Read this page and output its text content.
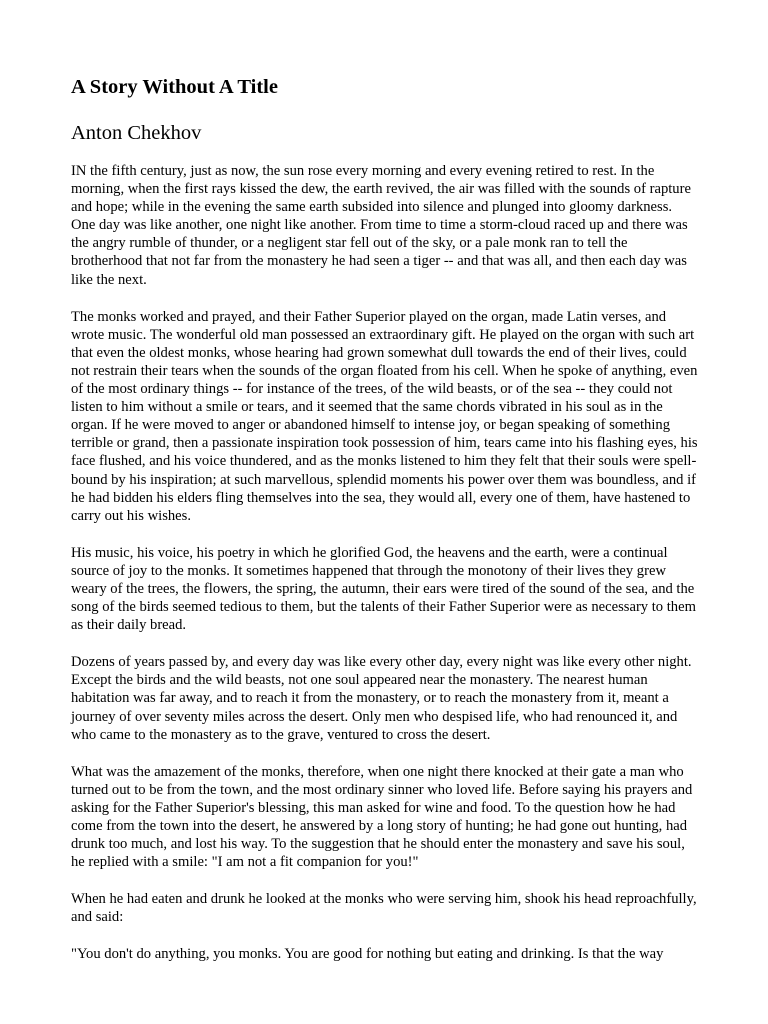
A Story Without A Title
Anton Chekhov

IN the fifth century, just as now, the sun rose every morning and every evening retired to rest. In the morning, when the first rays kissed the dew, the earth revived, the air was filled with the sounds of rapture and hope; while in the evening the same earth subsided into silence and plunged into gloomy darkness. One day was like another, one night like another. From time to time a storm-cloud raced up and there was the angry rumble of thunder, or a negligent star fell out of the sky, or a pale monk ran to tell the brotherhood that not far from the monastery he had seen a tiger -- and that was all, and then each day was like the next.

The monks worked and prayed, and their Father Superior played on the organ, made Latin verses, and wrote music. The wonderful old man possessed an extraordinary gift. He played on the organ with such art that even the oldest monks, whose hearing had grown somewhat dull towards the end of their lives, could not restrain their tears when the sounds of the organ floated from his cell. When he spoke of anything, even of the most ordinary things -- for instance of the trees, of the wild beasts, or of the sea -- they could not listen to him without a smile or tears, and it seemed that the same chords vibrated in his soul as in the organ. If he were moved to anger or abandoned himself to intense joy, or began speaking of something terrible or grand, then a passionate inspiration took possession of him, tears came into his flashing eyes, his face flushed, and his voice thundered, and as the monks listened to him they felt that their souls were spell-bound by his inspiration; at such marvellous, splendid moments his power over them was boundless, and if he had bidden his elders fling themselves into the sea, they would all, every one of them, have hastened to carry out his wishes.

His music, his voice, his poetry in which he glorified God, the heavens and the earth, were a continual source of joy to the monks. It sometimes happened that through the monotony of their lives they grew weary of the trees, the flowers, the spring, the autumn, their ears were tired of the sound of the sea, and the song of the birds seemed tedious to them, but the talents of their Father Superior were as necessary to them as their daily bread.

Dozens of years passed by, and every day was like every other day, every night was like every other night. Except the birds and the wild beasts, not one soul appeared near the monastery. The nearest human habitation was far away, and to reach it from the monastery, or to reach the monastery from it, meant a journey of over seventy miles across the desert. Only men who despised life, who had renounced it, and who came to the monastery as to the grave, ventured to cross the desert.

What was the amazement of the monks, therefore, when one night there knocked at their gate a man who turned out to be from the town, and the most ordinary sinner who loved life. Before saying his prayers and asking for the Father Superior's blessing, this man asked for wine and food. To the question how he had come from the town into the desert, he answered by a long story of hunting; he had gone out hunting, had drunk too much, and lost his way. To the suggestion that he should enter the monastery and save his soul, he replied with a smile: "I am not a fit companion for you!"

When he had eaten and drunk he looked at the monks who were serving him, shook his head reproachfully, and said:

"You don't do anything, you monks. You are good for nothing but eating and drinking. Is that the way
